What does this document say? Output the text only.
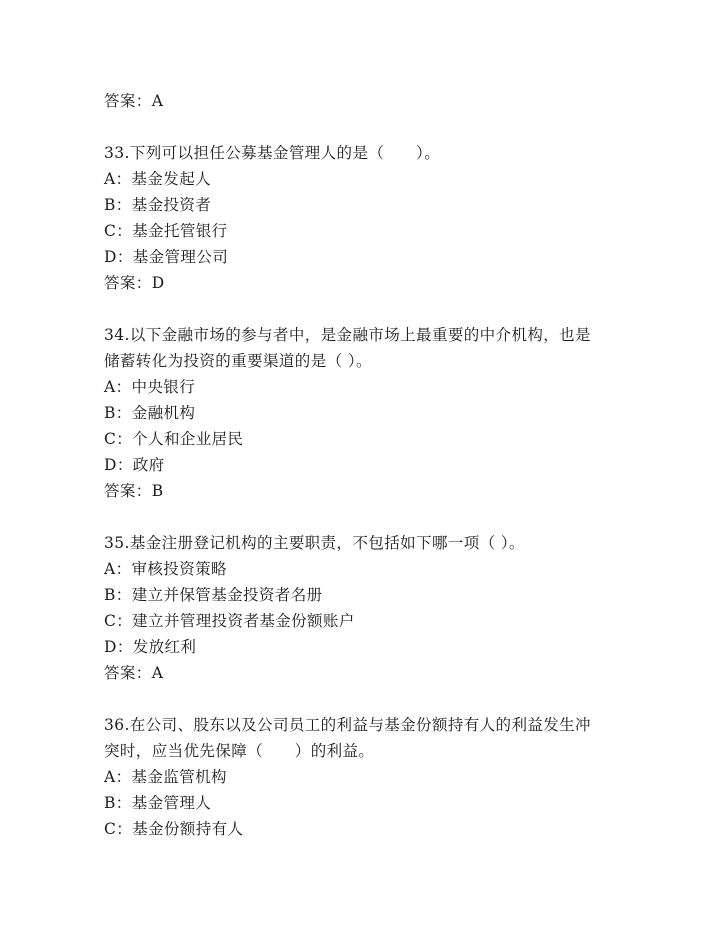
答案：A
33.下列可以担任公募基金管理人的是（　　）。
A：基金发起人
B：基金投资者
C：基金托管银行
D：基金管理公司
答案：D
34.以下金融市场的参与者中，是金融市场上最重要的中介机构，也是
储蓄转化为投资的重要渠道的是（ ）。
A：中央银行
B：金融机构
C：个人和企业居民
D：政府
答案：B
35.基金注册登记机构的主要职责，不包括如下哪一项（ ）。
A：审核投资策略
B：建立并保管基金投资者名册
C：建立并管理投资者基金份额账户
D：发放红利
答案：A
36.在公司、股东以及公司员工的利益与基金份额持有人的利益发生冲
突时，应当优先保障（　　）的利益。
A：基金监管机构
B：基金管理人
C：基金份额持有人
